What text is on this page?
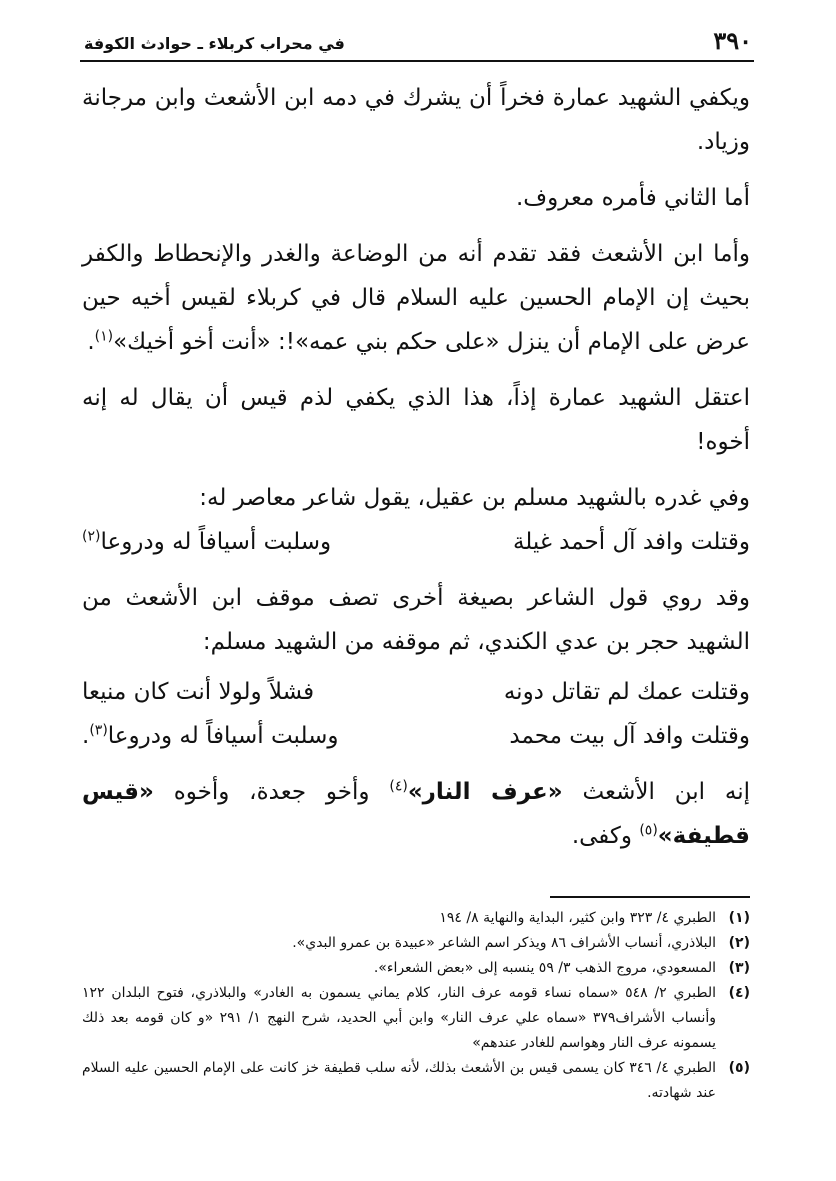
٣٩٠
في محراب كربلاء ـ حوادث الكوفة

ويكفي الشهيد عمارة فخراً أن يشرك في دمه ابن الأشعث وابن مرجانة وزياد.

أما الثاني فأمره معروف.

وأما ابن الأشعث فقد تقدم أنه من الوضاعة والغدر والإنحطاط والكفر بحيث إن الإمام الحسين عليه السلام قال في كربلاء لقيس أخيه حين عرض على الإمام أن ينزل «على حكم بني عمه»!: «أنت أخو أخيك»$^{(١)}$.

اعتقل الشهيد عمارة إذاً، هذا الذي يكفي لذم قيس أن يقال له إنه أخوه!

وفي غدره بالشهيد مسلم بن عقيل، يقول شاعر معاصر له:

وقتلت وافد آل أحمد غيلة
وسلبت أسيافاً له ودروعا$^{(٢)}$

وقد روي قول الشاعر بصيغة أخرى تصف موقف ابن الأشعث من الشهيد حجر بن عدي الكندي، ثم موقفه من الشهيد مسلم:

وقتلت عمك لم تقاتل دونه
فشلاً ولولا أنت كان منيعا
وقتلت وافد آل بيت محمد
وسلبت أسيافاً له ودروعا$^{(٣)}$.

إنه ابن الأشعث «عرف النار»$^{(٤)}$ وأخو جعدة، وأخوه «قيس قطيفة»$^{(٥)}$ وكفى.

(١)
الطبري ٤/ ٣٢٣ وابن كثير، البداية والنهاية ٨/ ١٩٤
(٢)
البلاذري، أنساب الأشراف ٨٦ ويذكر اسم الشاعر «عبيدة بن عمرو البدي».
(٣)
المسعودي، مروج الذهب ٣/ ٥٩ ينسبه إلى «بعض الشعراء».
(٤)
الطبري ٢/ ٥٤٨ «سماه نساء قومه عرف النار، كلام يماني يسمون به الغادر» والبلاذري، فتوح البلدان ١٢٢ وأنساب الأشراف٣٧٩ «سماه علي عرف النار» وابن أبي الحديد، شرح النهج ١/ ٢٩١ «و كان قومه بعد ذلك يسمونه عرف النار وهواسم للغادر عندهم»
(٥)
الطبري ٤/ ٣٤٦ كان يسمى قيس بن الأشعث بذلك، لأنه سلب قطيفة خز كانت على الإمام الحسين عليه السلام عند شهادته.
